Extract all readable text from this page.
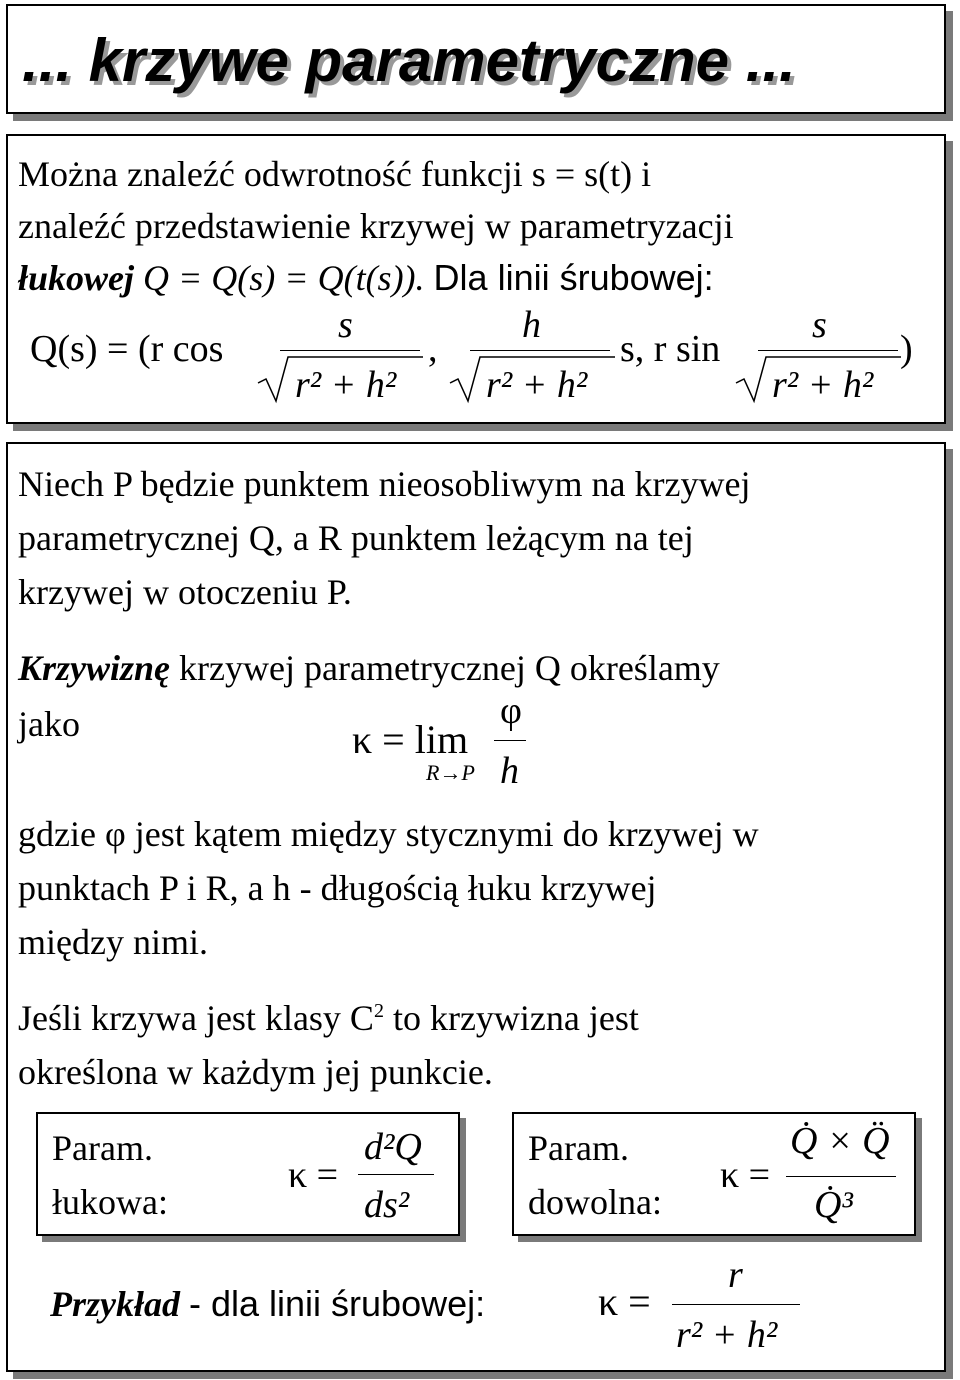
... krzywe parametryczne ...
Można znaleźć odwrotność funkcji s = s(t) i
znaleźć przedstawienie krzywej w parametryzacji
łukowej Q = Q(s) = Q(t(s)). Dla linii śrubowej:
Q(s) = (r cos
s
r² + h²
,
h
r² + h²
s, r sin
s
r² + h²
)
Niech P będzie punktem nieosobliwym na krzywej
parametrycznej Q, a R punktem leżącym na tej
krzywej w otoczeniu P.
Krzywiznę krzywej parametrycznej Q określamy
jako	κ = lim
R→P
φ
h
gdzie φ jest kątem między stycznymi do krzywej w
punktach P i R, a h - długością łuku krzywej
między nimi.
Jeśli krzywa jest klasy $C^2$ to krzywizna jest
określona w każdym jej punkcie.
Param.
łukowa:
κ =
d²Q
ds²
Param.
dowolna:
κ =
Q̇ × Q̈
Q̇³
Przykład - dla linii śrubowej:	κ =
r
r² + h²
